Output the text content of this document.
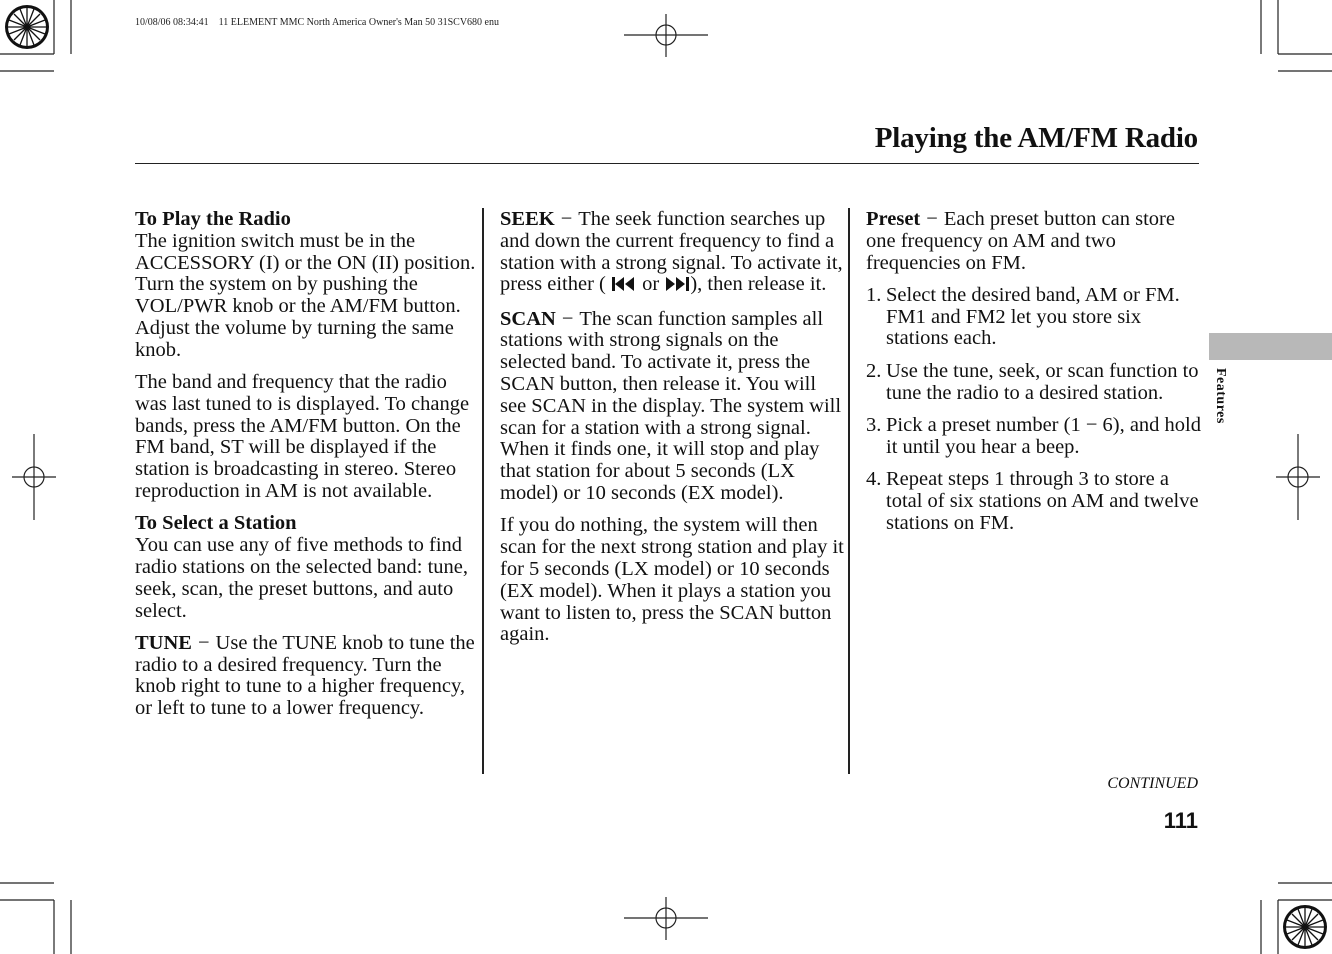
10/08/06 08:34:41    11 ELEMENT MMC North America Owner's Man 50 31SCV680 enu
Playing the AM/FM Radio
To Play the Radio

The ignition switch must be in the ACCESSORY (I) or the ON (II) position. Turn the system on by pushing the VOL/PWR knob or the AM/FM button. Adjust the volume by turning the same knob.

The band and frequency that the radio was last tuned to is displayed. To change bands, press the AM/FM button. On the FM band, ST will be displayed if the station is broadcasting in stereo. Stereo reproduction in AM is not available.

To Select a Station

You can use any of five methods to find radio stations on the selected band: tune, seek, scan, the preset buttons, and auto select.

TUNE − Use the TUNE knob to tune the radio to a desired frequency. Turn the knob right to tune to a higher frequency, or left to tune to a lower frequency.

SEEK − The seek function searches up and down the current frequency to find a station with a strong signal. To activate it, press either ( or ), then release it.

SCAN − The scan function samples all stations with strong signals on the selected band. To activate it, press the SCAN button, then release it. You will see SCAN in the display. The system will scan for a station with a strong signal. When it finds one, it will stop and play that station for about 5 seconds (LX model) or 10 seconds (EX model).

If you do nothing, the system will then scan for the next strong station and play it for 5 seconds (LX model) or 10 seconds (EX model). When it plays a station you want to listen to, press the SCAN button again.

Preset − Each preset button can store one frequency on AM and two frequencies on FM.

1. Select the desired band, AM or FM. FM1 and FM2 let you store six stations each.
2. Use the tune, seek, or scan function to tune the radio to a desired station.
3. Pick a preset number (1 − 6), and hold it until you hear a beep.
4. Repeat steps 1 through 3 to store a total of six stations on AM and twelve stations on FM.
Features
CONTINUED
111
